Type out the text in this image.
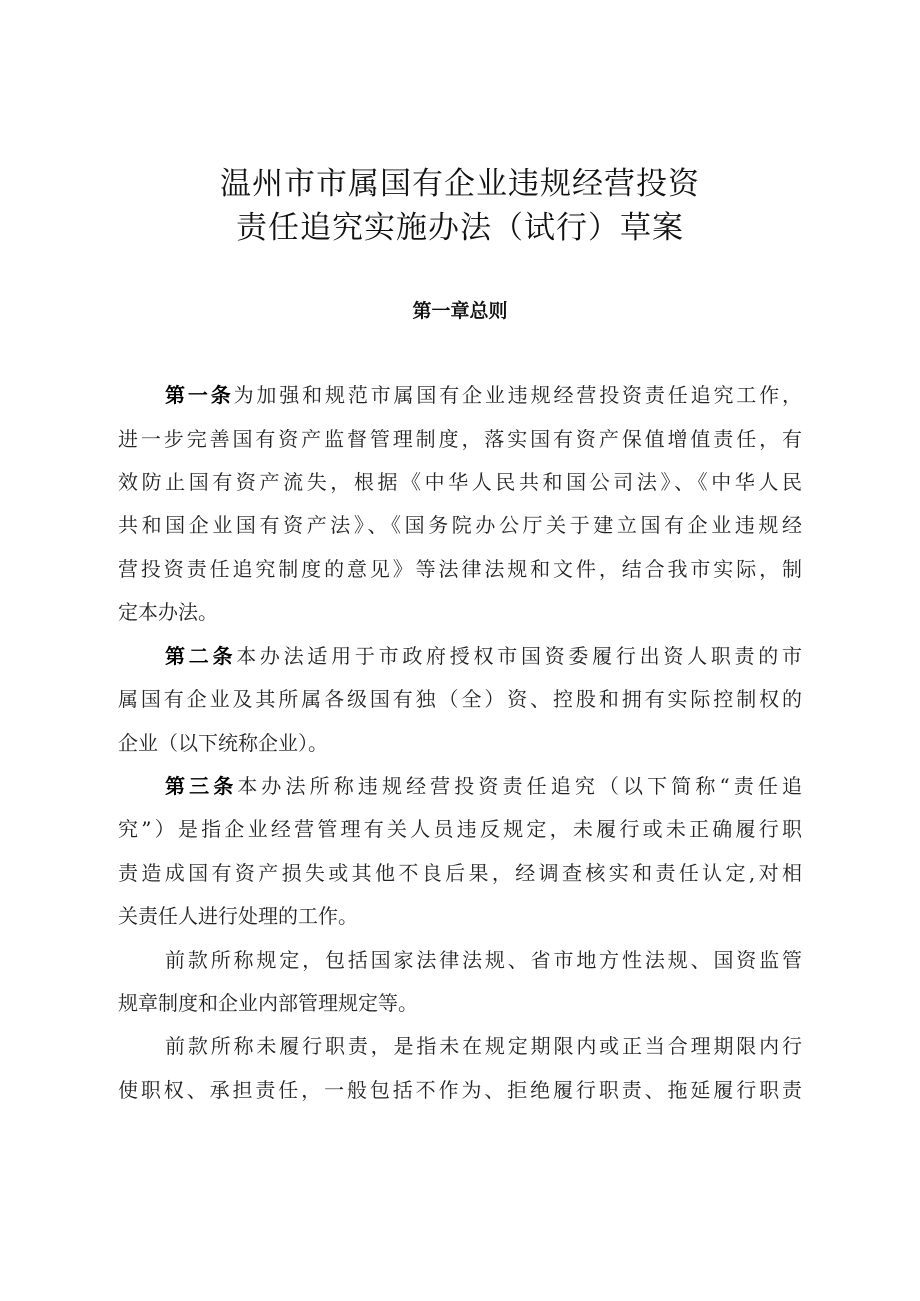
温州市市属国有企业违规经营投资
责任追究实施办法（试行）草案
第一章总则
第一条为加强和规范市属国有企业违规经营投资责任追究工作，
进一步完善国有资产监督管理制度，落实国有资产保值增值责任，有
效防止国有资产流失，根据《中华人民共和国公司法》、《中华人民
共和国企业国有资产法》、《国务院办公厅关于建立国有企业违规经
营投资责任追究制度的意见》等法律法规和文件，结合我市实际，制
定本办法。
第二条本办法适用于市政府授权市国资委履行出资人职责的市
属国有企业及其所属各级国有独（全）资、控股和拥有实际控制权的
企业（以下统称企业）。
第三条本办法所称违规经营投资责任追究（以下简称“责任追
究”）是指企业经营管理有关人员违反规定，未履行或未正确履行职
责造成国有资产损失或其他不良后果，经调查核实和责任认定,对相
关责任人进行处理的工作。
前款所称规定，包括国家法律法规、省市地方性法规、国资监管
规章制度和企业内部管理规定等。
前款所称未履行职责，是指未在规定期限内或正当合理期限内行
使职权、承担责任，一般包括不作为、拒绝履行职责、拖延履行职责
